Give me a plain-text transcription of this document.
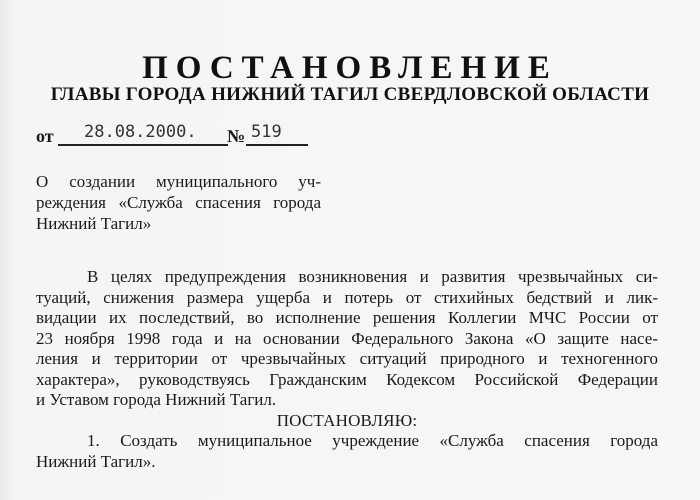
ПОСТАНОВЛЕНИЕ
ГЛАВЫ ГОРОДА НИЖНИЙ ТАГИЛ СВЕРДЛОВСКОЙ ОБЛАСТИ
от 28.08.2000. № 519
О создании муниципального уч-
реждения «Служба спасения города
Нижний Тагил»
В целях предупреждения возникновения и развития чрезвычайных си-
туаций, снижения размера ущерба и потерь от стихийных бедствий и лик-
видации их последствий, во исполнение решения Коллегии МЧС России от
23 ноября 1998 года и на основании Федерального Закона «О защите насе-
ления и территории от чрезвычайных ситуаций природного и техногенного
характера», руководствуясь Гражданским Кодексом Российской Федерации
и Уставом города Нижний Тагил.
ПОСТАНОВЛЯЮ:
1. Создать муниципальное учреждение «Служба спасения города
Нижний Тагил».
